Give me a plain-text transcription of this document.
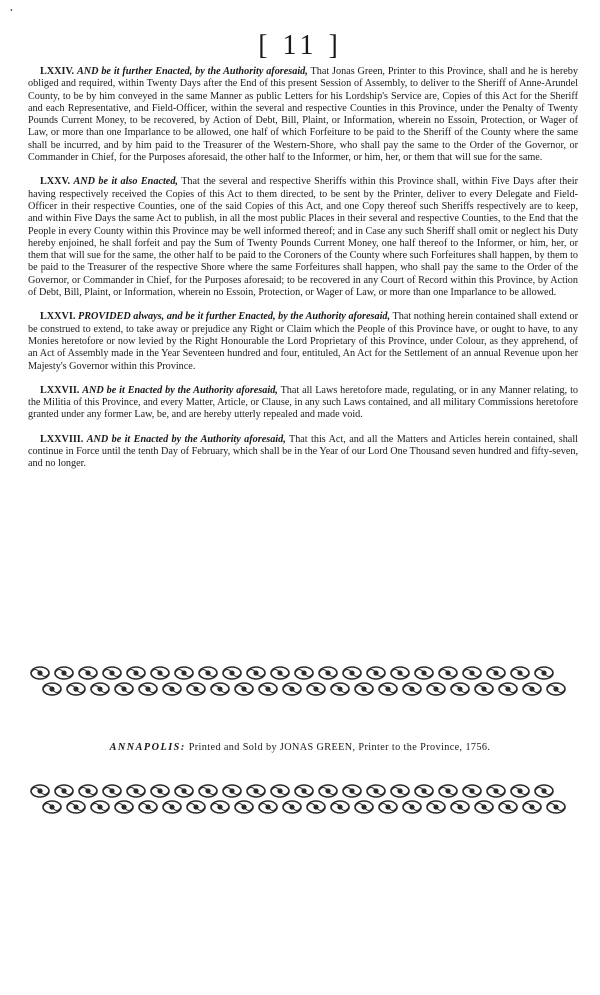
•
[ 11 ]

LXXIV. AND be it further Enacted, by the Authority aforesaid, That Jonas Green, Printer to this Province, shall and he is hereby obliged and required, within Twenty Days after the End of this present Session of Assembly, to deliver to the Sheriff of Anne-Arundel County, to be by him conveyed in the same Manner as public Letters for his Lordship's Service are, Copies of this Act for the Sheriff and each Representative, and Field-Officer, within the several and respective Counties in this Province, under the Penalty of Twenty Pounds Current Money, to be recovered, by Action of Debt, Bill, Plaint, or Information, wherein no Essoin, Protection, or Wager of Law, or more than one Imparlance to be allowed, one half of which Forfeiture to be paid to the Sheriff of the County where the same shall be incurred, and by him paid to the Treasurer of the Western-Shore, who shall pay the same to the Order of the Governor, or Commander in Chief, for the Purposes aforesaid, the other half to the Informer, or him, her, or them that will sue for the same.

LXXV. AND be it also Enacted, That the several and respective Sheriffs within this Province shall, within Five Days after their having respectively received the Copies of this Act to them directed, to be sent by the Printer, deliver to every Delegate and Field-Officer in their respective Counties, one of the said Copies of this Act, and one Copy thereof such Sheriffs respectively are to keep, and within Five Days the same Act to publish, in all the most public Places in their several and respective Counties, to the End that the People in every County within this Province may be well informed thereof; and in Case any such Sheriff shall omit or neglect his Duty hereby enjoined, he shall forfeit and pay the Sum of Twenty Pounds Current Money, one half thereof to the Informer, or him, her, or them that will sue for the same, the other half to be paid to the Coroners of the County where such Forfeitures shall happen, by them to be paid to the Treasurer of the respective Shore where the same Forfeitures shall happen, who shall pay the same to the Order of the Governor, or Commander in Chief, for the Purposes aforesaid; to be recovered in any Court of Record within this Province, by Action of Debt, Bill, Plaint, or Information, wherein no Essoin, Protection, or Wager of Law, or more than one Imparlance to be allowed.

LXXVI. PROVIDED always, and be it further Enacted, by the Authority aforesaid, That nothing herein contained shall extend or be construed to extend, to take away or prejudice any Right or Claim which the People of this Province have, or ought to have, to any Monies heretofore or now levied by the Right Honourable the Lord Proprietary of this Province, under Colour, as they apprehend, of an Act of Assembly made in the Year Seventeen hundred and four, entituled, An Act for the Settlement of an annual Revenue upon her Majesty's Governor within this Province.

LXXVII. AND be it Enacted by the Authority aforesaid, That all Laws heretofore made, regulating, or in any Manner relating, to the Militia of this Province, and every Matter, Article, or Clause, in any such Laws contained, and all military Commissions heretofore granted under any former Law, be, and are hereby utterly repealed and made void.

LXXVIII. AND be it Enacted by the Authority aforesaid, That this Act, and all the Matters and Articles herein contained, shall continue in Force until the tenth Day of February, which shall be in the Year of our Lord One Thousand seven hundred and fifty-seven, and no longer.

ANNAPOLIS: Printed and Sold by JONAS GREEN, Printer to the Province, 1756.
